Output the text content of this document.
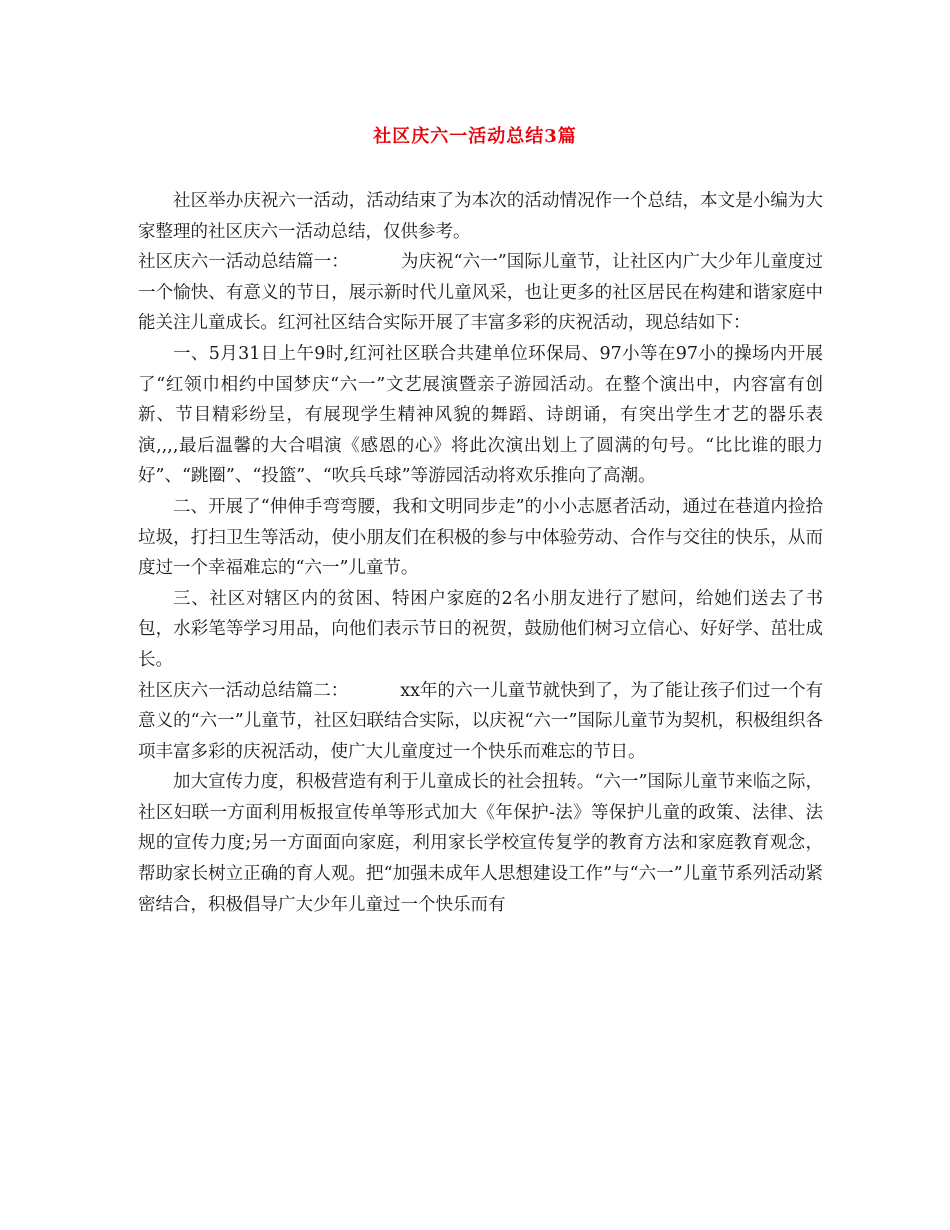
社区庆六一活动总结3篇

社区举办庆祝六一活动，活动结束了为本次的活动情况作一个总结，本文是小编为大家整理的社区庆六一活动总结，仅供参考。

社区庆六一活动总结篇一：	为庆祝“六一”国际儿童节，让社区内广大少年儿童度过一个愉快、有意义的节日，展示新时代儿童风采，也让更多的社区居民在构建和谐家庭中能关注儿童成长。红河社区结合实际开展了丰富多彩的庆祝活动，现总结如下：

一、5月31日上午9时,红河社区联合共建单位环保局、97小等在97小的操场内开展了“红领巾相约中国梦庆“六一”文艺展演暨亲子游园活动。在整个演出中，内容富有创新、节目精彩纷呈，有展现学生精神风貌的舞蹈、诗朗诵，有突出学生才艺的器乐表演,,,,最后温馨的大合唱演《感恩的心》将此次演出划上了圆满的句号。“比比谁的眼力好”、“跳圈”、“投篮”、“吹兵乓球”等游园活动将欢乐推向了高潮。

二、开展了“伸伸手弯弯腰，我和文明同步走”的小小志愿者活动，通过在巷道内捡拾垃圾，打扫卫生等活动，使小朋友们在积极的参与中体验劳动、合作与交往的快乐，从而度过一个幸福难忘的“六一”儿童节。

三、社区对辖区内的贫困、特困户家庭的2名小朋友进行了慰问，给她们送去了书包，水彩笔等学习用品，向他们表示节日的祝贺，鼓励他们树习立信心、好好学、茁壮成长。

社区庆六一活动总结篇二：	xx年的六一儿童节就快到了，为了能让孩子们过一个有意义的“六一”儿童节，社区妇联结合实际，以庆祝“六一”国际儿童节为契机，积极组织各项丰富多彩的庆祝活动，使广大儿童度过一个快乐而难忘的节日。

加大宣传力度，积极营造有利于儿童成长的社会扭转。“六一”国际儿童节来临之际，社区妇联一方面利用板报宣传单等形式加大《年保护-法》等保护儿童的政策、法律、法规的宣传力度;另一方面面向家庭，利用家长学校宣传复学的教育方法和家庭教育观念，帮助家长树立正确的育人观。把“加强未成年人思想建设工作”与“六一”儿童节系列活动紧密结合，积极倡导广大少年儿童过一个快乐而有
